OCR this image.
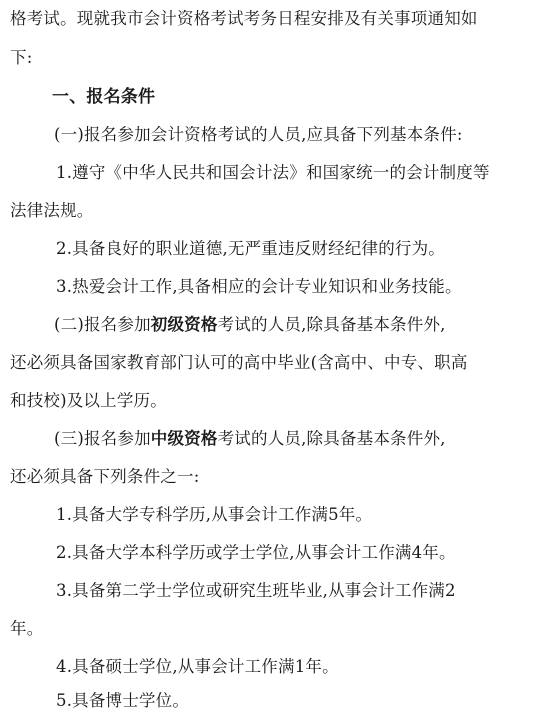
格考试。现就我市会计资格考试考务日程安排及有关事项通知如
下:
一、报名条件
(一)报名参加会计资格考试的人员,应具备下列基本条件:
1.遵守《中华人民共和国会计法》和国家统一的会计制度等
法律法规。
2.具备良好的职业道德,无严重违反财经纪律的行为。
3.热爱会计工作,具备相应的会计专业知识和业务技能。
(二)报名参加初级资格考试的人员,除具备基本条件外,
还必须具备国家教育部门认可的高中毕业(含高中、中专、职高
和技校)及以上学历。
(三)报名参加中级资格考试的人员,除具备基本条件外,
还必须具备下列条件之一:
1.具备大学专科学历,从事会计工作满5年。
2.具备大学本科学历或学士学位,从事会计工作满4年。
3.具备第二学士学位或研究生班毕业,从事会计工作满2
年。
4.具备硕士学位,从事会计工作满1年。
5.具备博士学位。
